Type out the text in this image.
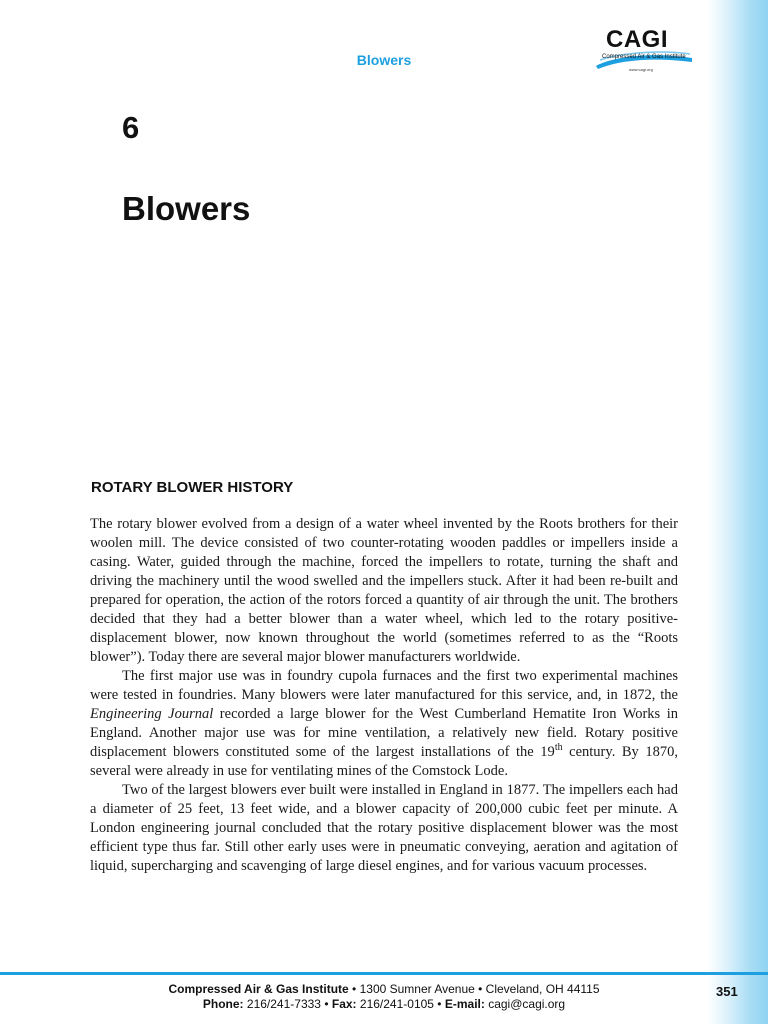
Blowers
CAGI
Compressed Air & Gas Institute
www.cagi.org
6
Blowers
ROTARY BLOWER HISTORY

The rotary blower evolved from a design of a water wheel invented by the Roots brothers for their woolen mill. The device consisted of two counter-rotating wooden paddles or impellers inside a casing. Water, guided through the machine, forced the impellers to rotate, turning the shaft and driving the machinery until the wood swelled and the impellers stuck. After it had been re-built and prepared for operation, the action of the rotors forced a quantity of air through the unit. The brothers decided that they had a better blower than a water wheel, which led to the rotary positive-displacement blower, now known throughout the world (sometimes referred to as the “Roots blower”). Today there are several major blower manufacturers worldwide.

The first major use was in foundry cupola furnaces and the first two experimental machines were tested in foundries. Many blowers were later manufactured for this service, and, in 1872, the Engineering Journal recorded a large blower for the West Cumberland Hematite Iron Works in England. Another major use was for mine ventilation, a relatively new field. Rotary positive displacement blowers constituted some of the largest installations of the 19th century. By 1870, several were already in use for ventilating mines of the Comstock Lode.

Two of the largest blowers ever built were installed in England in 1877. The impellers each had a diameter of 25 feet, 13 feet wide, and a blower capacity of 200,000 cubic feet per minute. A London engineering journal concluded that the rotary positive displacement blower was the most efficient type thus far. Still other early uses were in pneumatic conveying, aeration and agitation of liquid, supercharging and scavenging of large diesel engines, and for various vacuum processes.

Compressed Air & Gas Institute • 1300 Sumner Avenue • Cleveland, OH 44115
Phone: 216/241-7333 • Fax: 216/241-0105 • E-mail: cagi@cagi.org
351
